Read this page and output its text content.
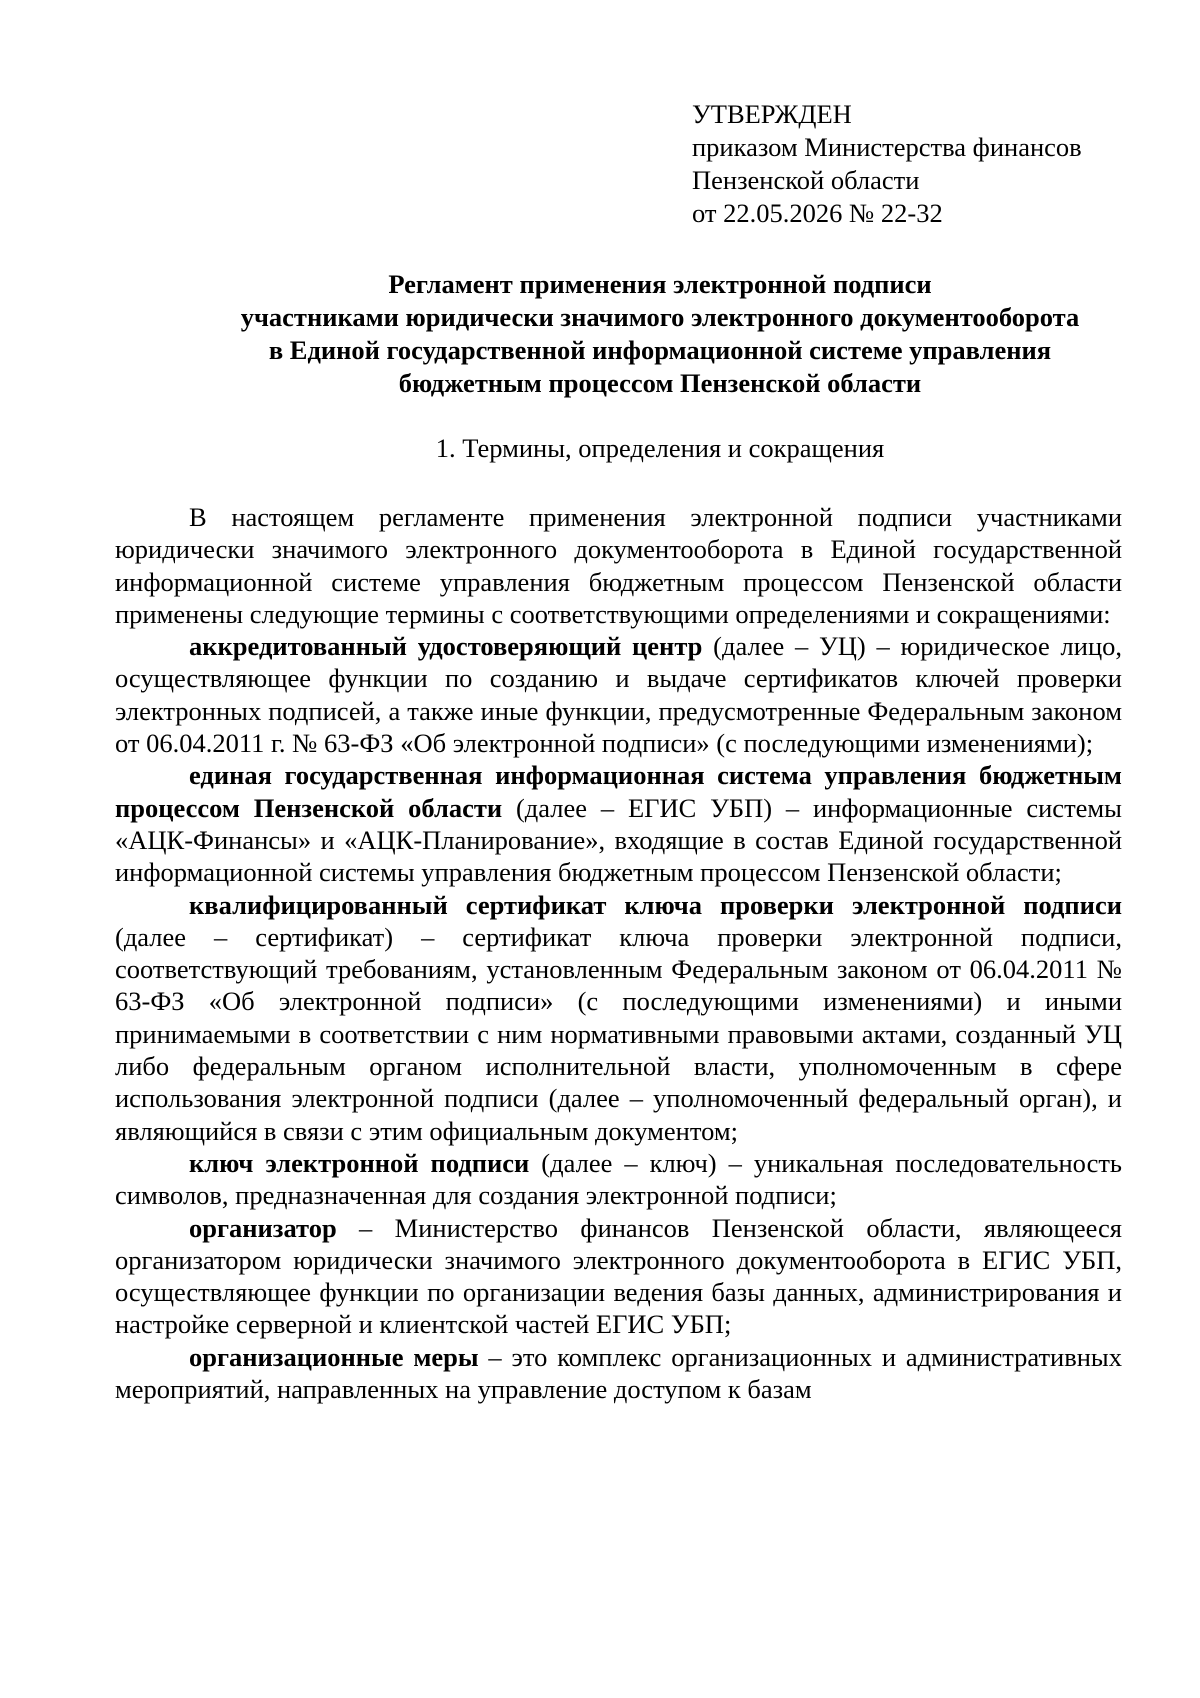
УТВЕРЖДЕН
приказом Министерства финансов
Пензенской области
от 22.05.2026 № 22-32
Регламент применения электронной подписи
участниками юридически значимого электронного документооборота
в Единой государственной информационной системе управления
бюджетным процессом Пензенской области
1. Термины, определения и сокращения

В настоящем регламенте применения электронной подписи участниками юридически значимого электронного документооборота в Единой государственной информационной системе управления бюджетным процессом Пензенской области применены следующие термины с соответствующими определениями и сокращениями:

аккредитованный удостоверяющий центр (далее – УЦ) – юридическое лицо, осуществляющее функции по созданию и выдаче сертификатов ключей проверки электронных подписей, а также иные функции, предусмотренные Федеральным законом от 06.04.2011 г. № 63-ФЗ «Об электронной подписи» (с последующими изменениями);

единая государственная информационная система управления бюджетным процессом Пензенской области (далее – ЕГИС УБП) – информационные системы «АЦК-Финансы» и «АЦК-Планирование», входящие в состав Единой государственной информационной системы управления бюджетным процессом Пензенской области;

квалифицированный сертификат ключа проверки электронной подписи (далее – сертификат) – сертификат ключа проверки электронной подписи, соответствующий требованиям, установленным Федеральным законом от 06.04.2011 № 63-ФЗ «Об электронной подписи» (с последующими изменениями) и иными принимаемыми в соответствии с ним нормативными правовыми актами, созданный УЦ либо федеральным органом исполнительной власти, уполномоченным в сфере использования электронной подписи (далее – уполномоченный федеральный орган), и являющийся в связи с этим официальным документом;

ключ электронной подписи (далее – ключ) – уникальная последовательность символов, предназначенная для создания электронной подписи;

организатор – Министерство финансов Пензенской области, являющееся организатором юридически значимого электронного документооборота в ЕГИС УБП, осуществляющее функции по организации ведения базы данных, администрирования и настройке серверной и клиентской частей ЕГИС УБП;

организационные меры – это комплекс организационных и административных мероприятий, направленных на управление доступом к базам
